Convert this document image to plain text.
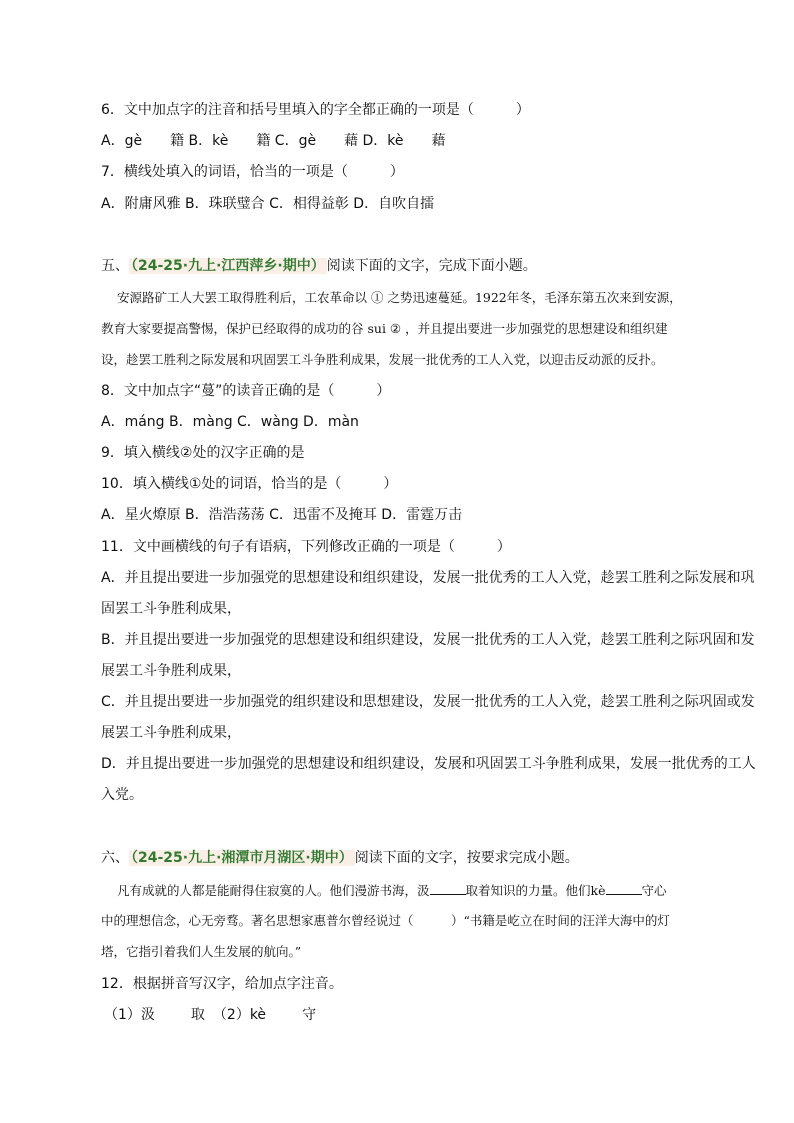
6．文中加点字的注音和括号里填入的字全都正确的一项是（　　　）
A．gè　　籍 B．kè　　籍 C．gè　　藉 D．kè　　藉
7．横线处填入的词语，恰当的一项是（　　　）
A．附庸风雅 B．珠联璧合 C．相得益彰 D．自吹自擂
五、 （24-25·九上·江西萍乡·期中） 阅读下面的文字，完成下面小题。
安源路矿工人大罢工取得胜利后，工农革命以 ① 之势迅速蔓延。1922年冬，毛泽东第五次来到安源，
教育大家要提高警惕，保护已经取得的成功的谷 sui ② ，并且提出要进一步加强党的思想建设和组织建
设，趁罢工胜利之际发展和巩固罢工斗争胜利成果，发展一批优秀的工人入党，以迎击反动派的反扑。
8．文中加点字“蔓”的读音正确的是（　　　）
A．máng B．màng C．wàng D．màn
9．填入横线②处的汉字正确的是
10．填入横线①处的词语，恰当的是（　　　）
A．星火燎原 B．浩浩荡荡 C．迅雷不及掩耳 D．雷霆万击
11．文中画横线的句子有语病，下列修改正确的一项是（　　　）
A．并且提出要进一步加强党的思想建设和组织建设，发展一批优秀的工人入党，趁罢工胜利之际发展和巩
固罢工斗争胜利成果，
B．并且提出要进一步加强党的思想建设和组织建设，发展一批优秀的工人入党，趁罢工胜利之际巩固和发
展罢工斗争胜利成果，
C．并且提出要进一步加强党的组织建设和思想建设，发展一批优秀的工人入党，趁罢工胜利之际巩固或发
展罢工斗争胜利成果，
D．并且提出要进一步加强党的思想建设和组织建设，发展和巩固罢工斗争胜利成果，发展一批优秀的工人
入党。
六、 （24-25·九上·湘潭市月湖区·期中） 阅读下面的文字，按要求完成小题。
凡有成就的人都是能耐得住寂寞的人。他们漫游书海，汲	取着知识的力量。他们kè	守心
中的理想信念，心无旁骛。著名思想家惠普尔曾经说过（　　　）“书籍是屹立在时间的汪洋大海中的灯
塔，它指引着我们人生发展的航向。”
12．根据拼音写汉字，给加点字注音。
（1）汲	取 （2）kè	守
